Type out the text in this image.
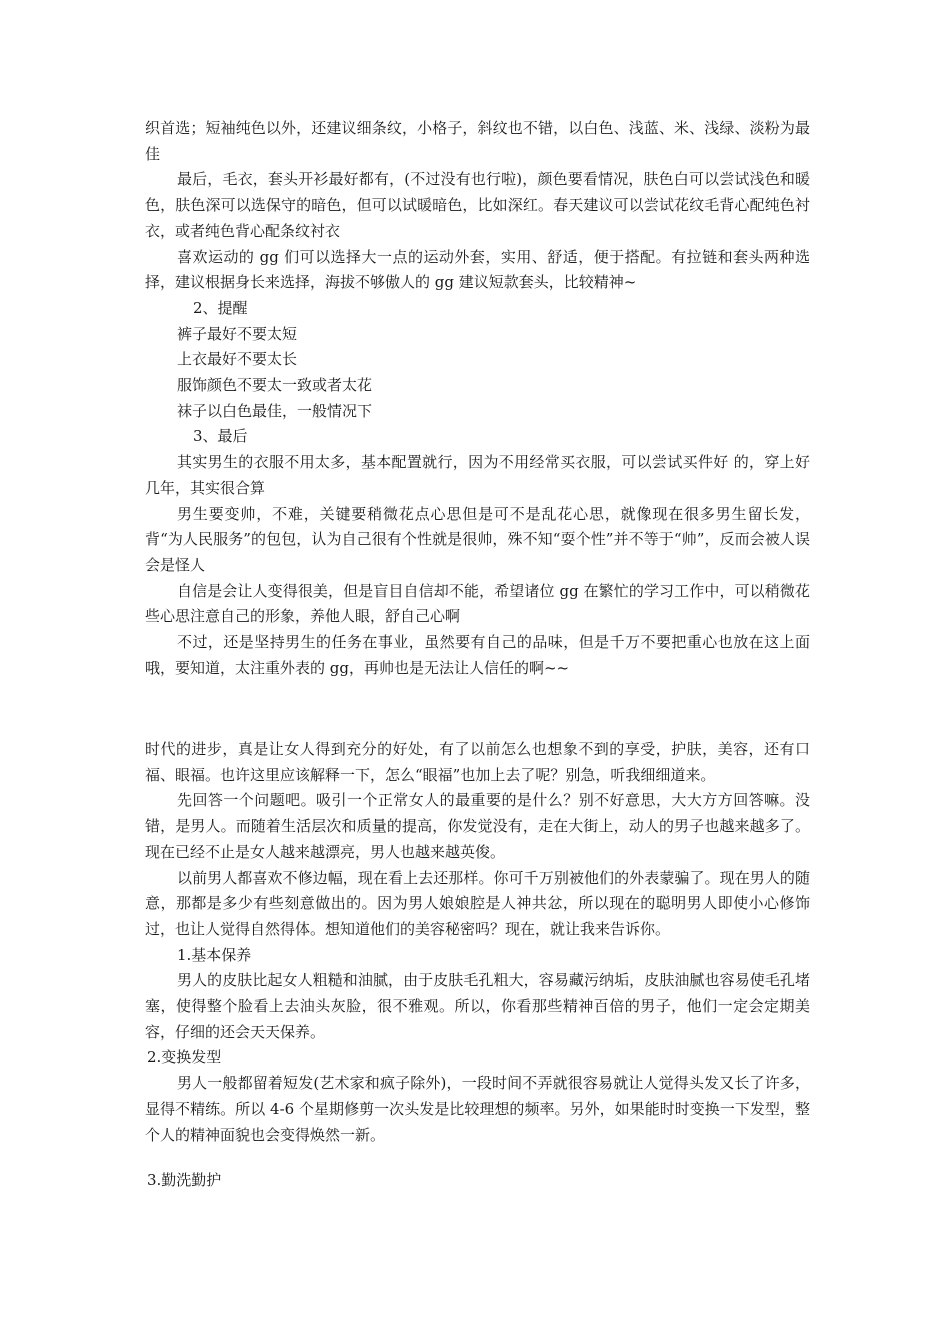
织首选；短袖纯色以外，还建议细条纹，小格子，斜纹也不错，以白色、浅蓝、米、浅绿、淡粉为最佳

最后，毛衣，套头开衫最好都有，(不过没有也行啦)，颜色要看情况，肤色白可以尝试浅色和暖色，肤色深可以选保守的暗色，但可以试暖暗色，比如深红。春天建议可以尝试花纹毛背心配纯色衬衣，或者纯色背心配条纹衬衣

喜欢运动的 gg 们可以选择大一点的运动外套，实用、舒适，便于搭配。有拉链和套头两种选择，建议根据身长来选择，海拔不够傲人的 gg 建议短款套头，比较精神~

2、提醒

裤子最好不要太短

上衣最好不要太长

服饰颜色不要太一致或者太花

袜子以白色最佳，一般情况下

3、最后

其实男生的衣服不用太多，基本配置就行，因为不用经常买衣服，可以尝试买件好 的，穿上好几年，其实很合算

男生要变帅，不难，关键要稍微花点心思但是可不是乱花心思，就像现在很多男生留长发，背“为人民服务”的包包，认为自己很有个性就是很帅，殊不知“耍个性”并不等于“帅”，反而会被人误会是怪人

自信是会让人变得很美，但是盲目自信却不能，希望诸位 gg 在繁忙的学习工作中，可以稍微花些心思注意自己的形象，养他人眼，舒自己心啊

不过，还是坚持男生的任务在事业，虽然要有自己的品味，但是千万不要把重心也放在这上面哦，要知道，太注重外表的 gg，再帅也是无法让人信任的啊~~

时代的进步，真是让女人得到充分的好处，有了以前怎么也想象不到的享受，护肤，美容，还有口福、眼福。也许这里应该解释一下，怎么“眼福”也加上去了呢？别急，听我细细道来。

先回答一个问题吧。吸引一个正常女人的最重要的是什么？别不好意思，大大方方回答嘛。没错，是男人。而随着生活层次和质量的提高，你发觉没有，走在大街上，动人的男子也越来越多了。现在已经不止是女人越来越漂亮，男人也越来越英俊。

以前男人都喜欢不修边幅，现在看上去还那样。你可千万别被他们的外表蒙骗了。现在男人的随意，那都是多少有些刻意做出的。因为男人娘娘腔是人神共忿，所以现在的聪明男人即使小心修饰过，也让人觉得自然得体。想知道他们的美容秘密吗？现在，就让我来告诉你。

1.基本保养

男人的皮肤比起女人粗糙和油腻，由于皮肤毛孔粗大，容易藏污纳垢，皮肤油腻也容易使毛孔堵塞，使得整个脸看上去油头灰脸，很不雅观。所以，你看那些精神百倍的男子，他们一定会定期美容，仔细的还会天天保养。

2.变换发型

男人一般都留着短发(艺术家和疯子除外)，一段时间不弄就很容易就让人觉得头发又长了许多，显得不精练。所以 4-6 个星期修剪一次头发是比较理想的频率。另外，如果能时时变换一下发型，整个人的精神面貌也会变得焕然一新。

3.勤洗勤护
